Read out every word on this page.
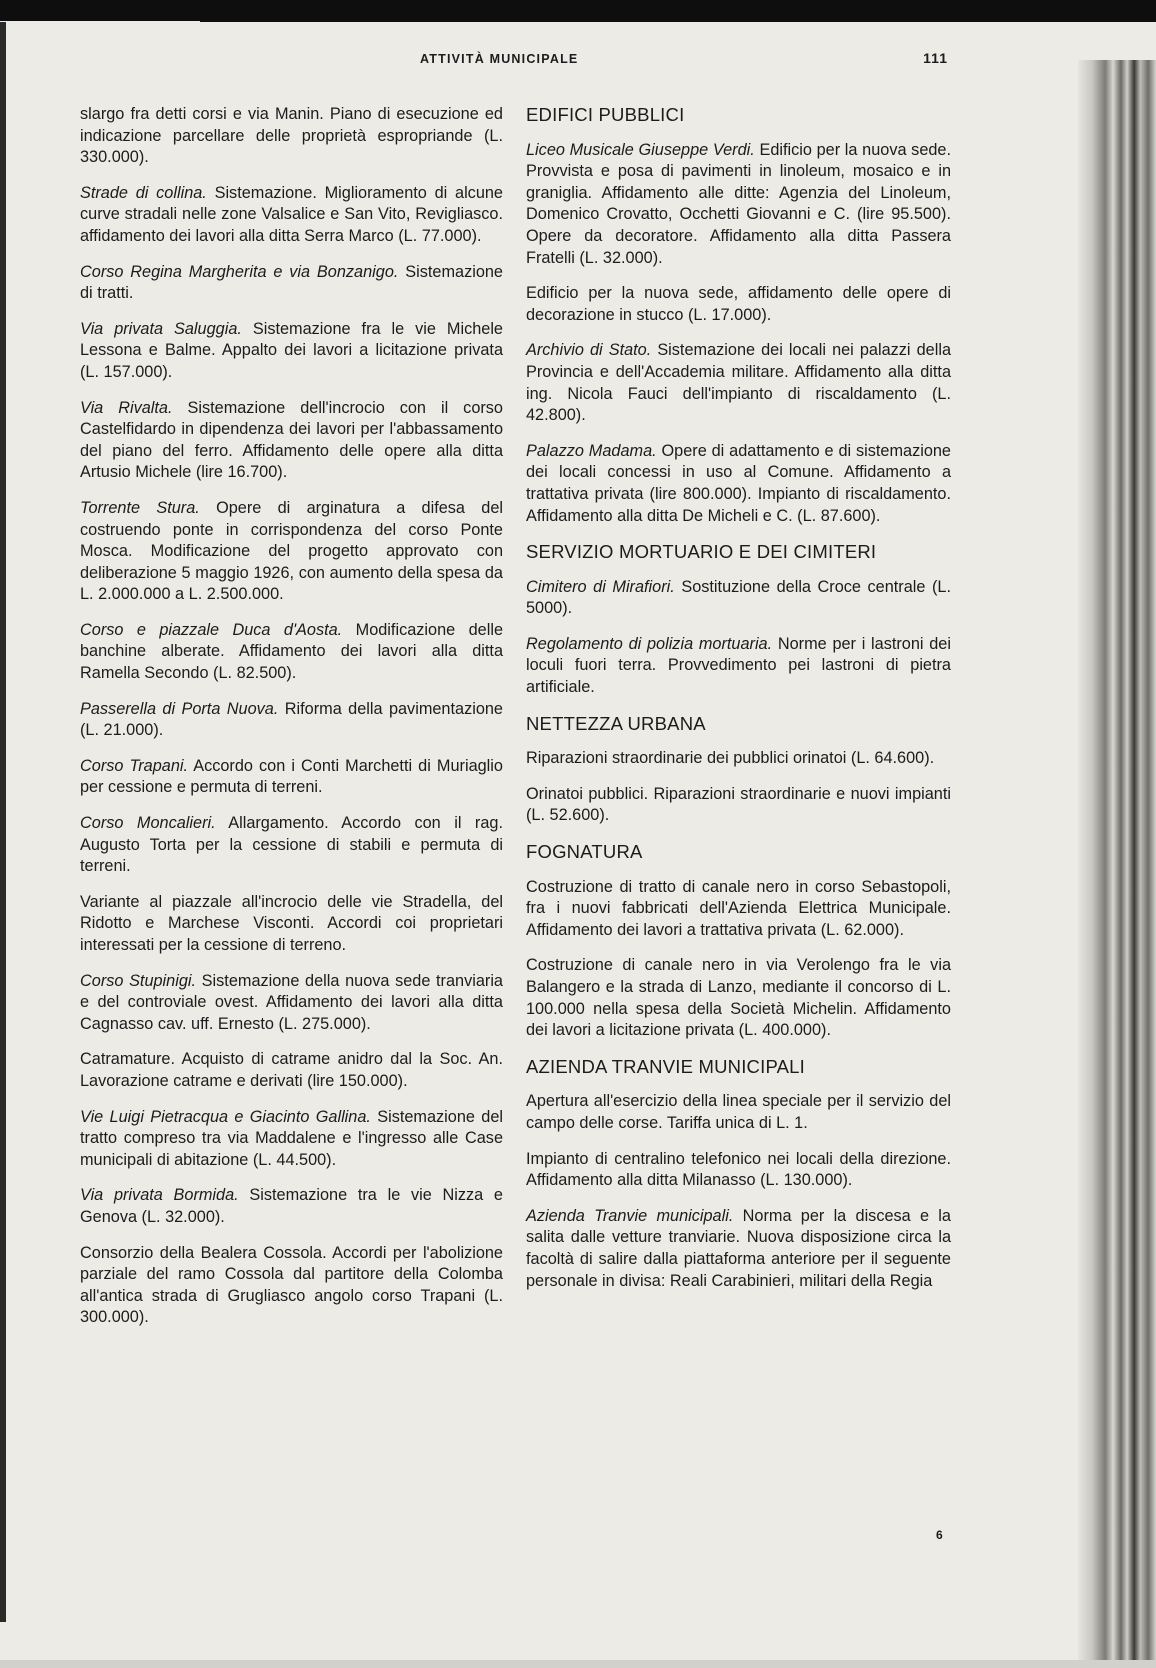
ATTIVITÀ MUNICIPALE	111

slargo fra detti corsi e via Manin. Piano di esecuzione ed indicazione parcellare delle proprietà espropriande (L. 330.000).

Strade di collina. Sistemazione. Miglioramento di alcune curve stradali nelle zone Valsalice e San Vito, Revigliasco. affidamento dei lavori alla ditta Serra Marco (L. 77.000).

Corso Regina Margherita e via Bonzanigo. Sistemazione di tratti.

Via privata Saluggia. Sistemazione fra le vie Michele Lessona e Balme. Appalto dei lavori a licitazione privata (L. 157.000).

Via Rivalta. Sistemazione dell'incrocio con il corso Castelfidardo in dipendenza dei lavori per l'abbassamento del piano del ferro. Affidamento delle opere alla ditta Artusio Michele (lire 16.700).

Torrente Stura. Opere di arginatura a difesa del costruendo ponte in corrispondenza del corso Ponte Mosca. Modificazione del progetto approvato con deliberazione 5 maggio 1926, con aumento della spesa da L. 2.000.000 a L. 2.500.000.

Corso e piazzale Duca d'Aosta. Modificazione delle banchine alberate. Affidamento dei lavori alla ditta Ramella Secondo (L. 82.500).

Passerella di Porta Nuova. Riforma della pavimentazione (L. 21.000).

Corso Trapani. Accordo con i Conti Marchetti di Muriaglio per cessione e permuta di terreni.

Corso Moncalieri. Allargamento. Accordo con il rag. Augusto Torta per la cessione di stabili e permuta di terreni.

Variante al piazzale all'incrocio delle vie Stradella, del Ridotto e Marchese Visconti. Accordi coi proprietari interessati per la cessione di terreno.

Corso Stupinigi. Sistemazione della nuova sede tranviaria e del controviale ovest. Affidamento dei lavori alla ditta Cagnasso cav. uff. Ernesto (L. 275.000).

Catramature. Acquisto di catrame anidro dal la Soc. An. Lavorazione catrame e derivati (lire 150.000).

Vie Luigi Pietracqua e Giacinto Gallina. Sistemazione del tratto compreso tra via Maddalene e l'ingresso alle Case municipali di abitazione (L. 44.500).

Via privata Bormida. Sistemazione tra le vie Nizza e Genova (L. 32.000).

Consorzio della Bealera Cossola. Accordi per l'abolizione parziale del ramo Cossola dal partitore della Colomba all'antica strada di Grugliasco angolo corso Trapani (L. 300.000).

EDIFICI PUBBLICI

Liceo Musicale Giuseppe Verdi. Edificio per la nuova sede. Provvista e posa di pavimenti in linoleum, mosaico e in graniglia. Affidamento alle ditte: Agenzia del Linoleum, Domenico Crovatto, Occhetti Giovanni e C. (lire 95.500). Opere da decoratore. Affidamento alla ditta Passera Fratelli (L. 32.000).

Edificio per la nuova sede, affidamento delle opere di decorazione in stucco (L. 17.000).

Archivio di Stato. Sistemazione dei locali nei palazzi della Provincia e dell'Accademia militare. Affidamento alla ditta ing. Nicola Fauci dell'impianto di riscaldamento (L. 42.800).

Palazzo Madama. Opere di adattamento e di sistemazione dei locali concessi in uso al Comune. Affidamento a trattativa privata (lire 800.000). Impianto di riscaldamento. Affidamento alla ditta De Micheli e C. (L. 87.600).

SERVIZIO MORTUARIO E DEI CIMITERI

Cimitero di Mirafiori. Sostituzione della Croce centrale (L. 5000).

Regolamento di polizia mortuaria. Norme per i lastroni dei loculi fuori terra. Provvedimento pei lastroni di pietra artificiale.

NETTEZZA URBANA

Riparazioni straordinarie dei pubblici orinatoi (L. 64.600).

Orinatoi pubblici. Riparazioni straordinarie e nuovi impianti (L. 52.600).

FOGNATURA

Costruzione di tratto di canale nero in corso Sebastopoli, fra i nuovi fabbricati dell'Azienda Elettrica Municipale. Affidamento dei lavori a trattativa privata (L. 62.000).

Costruzione di canale nero in via Verolengo fra le via Balangero e la strada di Lanzo, mediante il concorso di L. 100.000 nella spesa della Società Michelin. Affidamento dei lavori a licitazione privata (L. 400.000).

AZIENDA TRANVIE MUNICIPALI

Apertura all'esercizio della linea speciale per il servizio del campo delle corse. Tariffa unica di L. 1.

Impianto di centralino telefonico nei locali della direzione. Affidamento alla ditta Milanasso (L. 130.000).

Azienda Tranvie municipali. Norma per la discesa e la salita dalle vetture tranviarie. Nuova disposizione circa la facoltà di salire dalla piattaforma anteriore per il seguente personale in divisa: Reali Carabinieri, militari della Regia

6
